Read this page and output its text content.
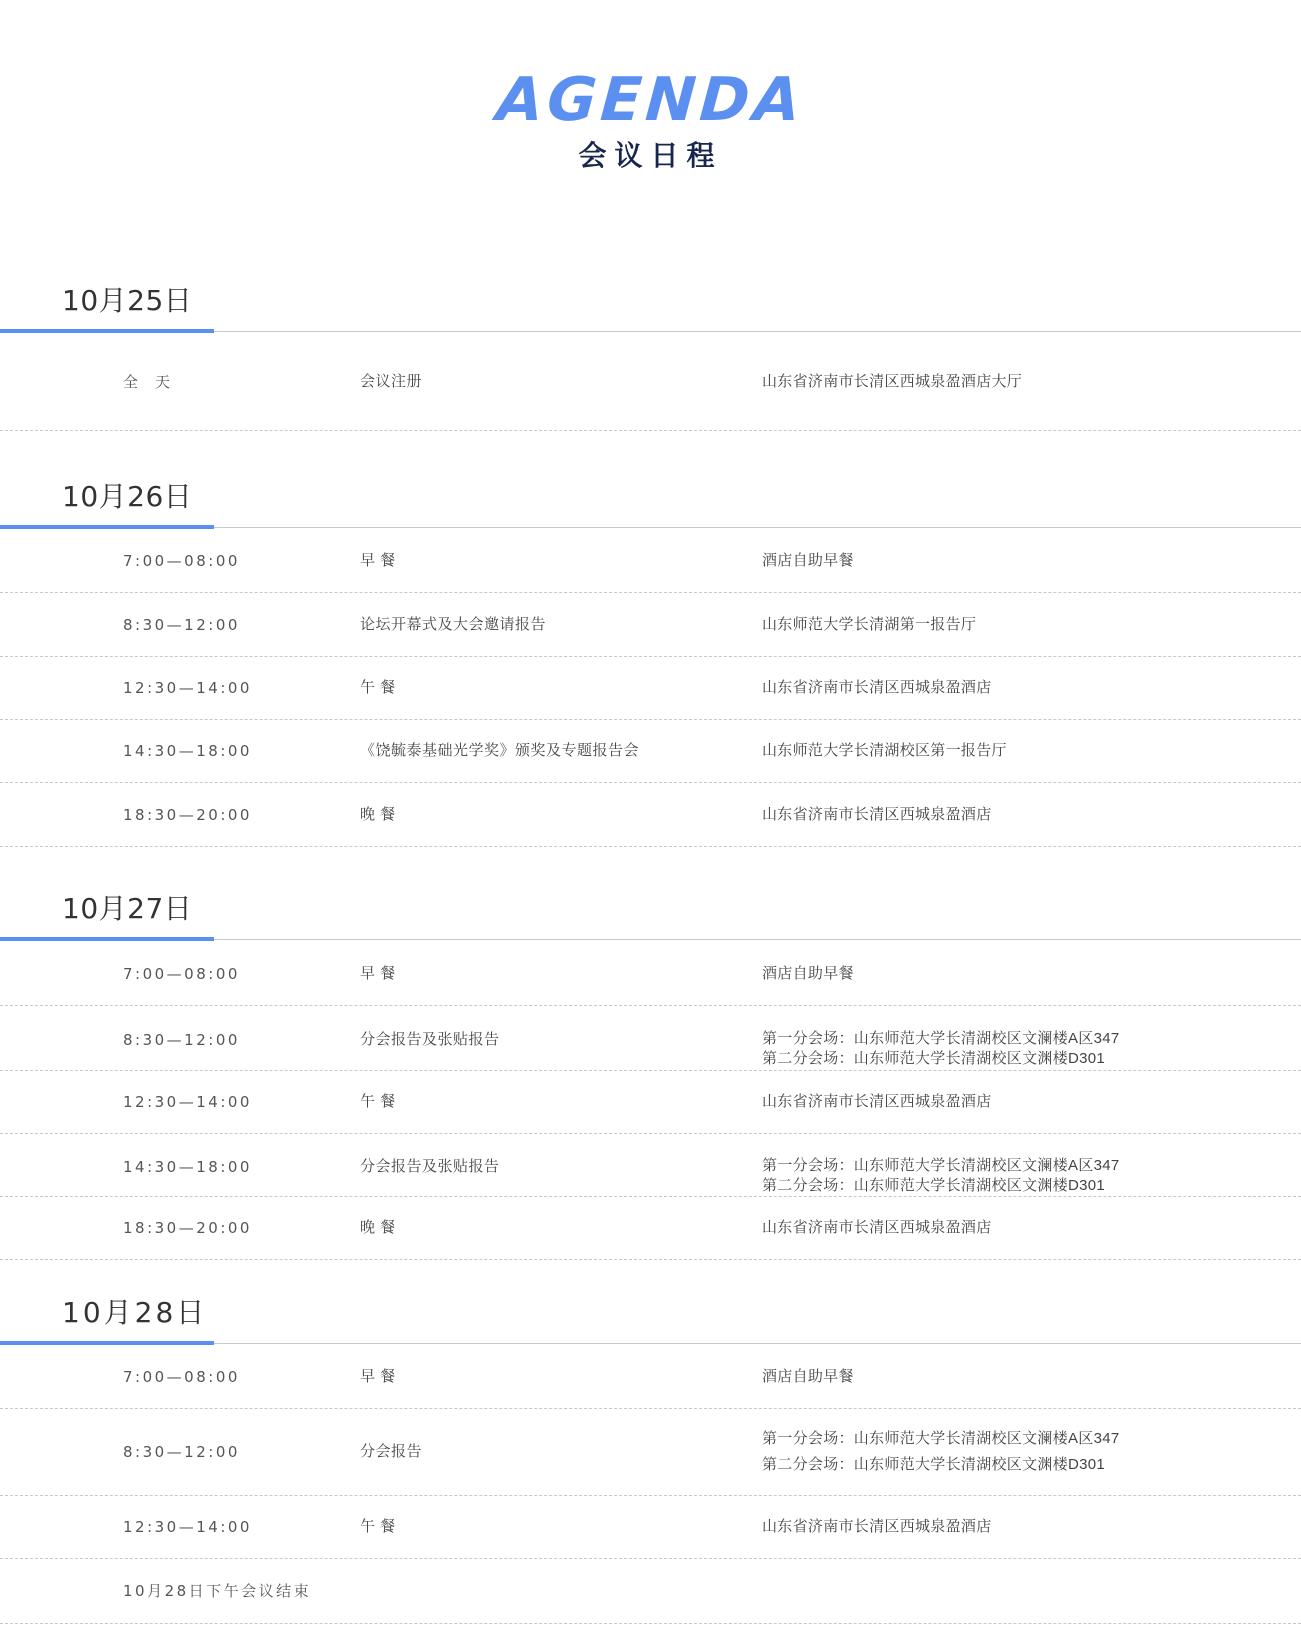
AGENDA
会议日程
10月25日
全  天	会议注册	山东省济南市长清区西城泉盈酒店大厅
10月26日
7:00—08:00	早 餐	酒店自助早餐
8:30—12:00	论坛开幕式及大会邀请报告	山东师范大学长清湖第一报告厅
12:30—14:00	午 餐	山东省济南市长清区西城泉盈酒店
14:30—18:00	《饶毓泰基础光学奖》颁奖及专题报告会	山东师范大学长清湖校区第一报告厅
18:30—20:00	晚 餐	山东省济南市长清区西城泉盈酒店
10月27日
7:00—08:00	早 餐	酒店自助早餐
8:30—12:00	分会报告及张贴报告	第一分会场：山东师范大学长清湖校区文澜楼A区347
第二分会场：山东师范大学长清湖校区文渊楼D301
12:30—14:00	午 餐	山东省济南市长清区西城泉盈酒店
14:30—18:00	分会报告及张贴报告	第一分会场：山东师范大学长清湖校区文澜楼A区347
第二分会场：山东师范大学长清湖校区文渊楼D301
18:30—20:00	晚 餐	山东省济南市长清区西城泉盈酒店
10月28日
7:00—08:00	早 餐	酒店自助早餐
8:30—12:00	分会报告
第一分会场：山东师范大学长清湖校区文澜楼A区347
第二分会场：山东师范大学长清湖校区文渊楼D301
12:30—14:00	午 餐	山东省济南市长清区西城泉盈酒店
10月28日下午会议结束
